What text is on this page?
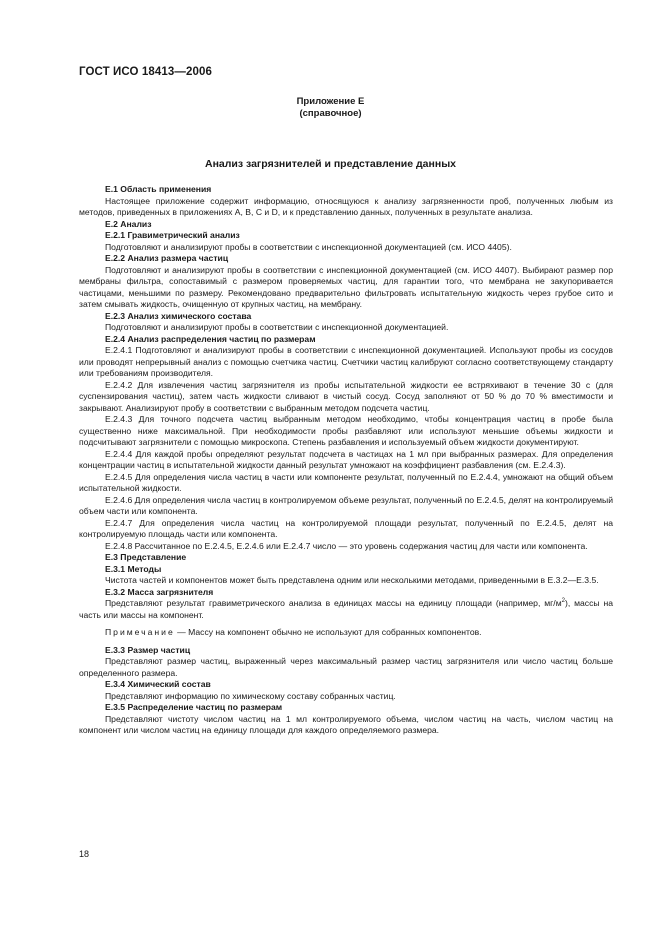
ГОСТ ИСО 18413—2006
Приложение Е
(справочное)
Анализ загрязнителей и представление данных
Е.1 Область применения

Настоящее приложение содержит информацию, относящуюся к анализу загрязненности проб, полученных любым из методов, приведенных в приложениях А, В, С и D, и к представлению данных, полученных в результате анализа.

Е.2 Анализ
Е.2.1 Гравиметрический анализ

Подготовляют и анализируют пробы в соответствии с инспекционной документацией (см. ИСО 4405).

Е.2.2 Анализ размера частиц

Подготовляют и анализируют пробы в соответствии с инспекционной документацией (см. ИСО 4407). Выбирают размер пор мембраны фильтра, сопоставимый с размером проверяемых частиц, для гарантии того, что мембрана не закупоривается частицами, меньшими по размеру. Рекомендовано предварительно фильтровать испытательную жидкость через грубое сито и затем смывать жидкость, очищенную от крупных частиц, на мембрану.

Е.2.3 Анализ химического состава

Подготовляют и анализируют пробы в соответствии с инспекционной документацией.

Е.2.4 Анализ распределения частиц по размерам

Е.2.4.1 Подготовляют и анализируют пробы в соответствии с инспекционной документацией. Используют пробы из сосудов или проводят непрерывный анализ с помощью счетчика частиц. Счетчики частиц калибруют согласно соответствующему стандарту или требованиям производителя.

Е.2.4.2 Для извлечения частиц загрязнителя из пробы испытательной жидкости ее встряхивают в течение 30 с (для суспензирования частиц), затем часть жидкости сливают в чистый сосуд. Сосуд заполняют от 50 % до 70 % вместимости и закрывают. Анализируют пробу в соответствии с выбранным методом подсчета частиц.

Е.2.4.3 Для точного подсчета частиц выбранным методом необходимо, чтобы концентрация частиц в пробе была существенно ниже максимальной. При необходимости пробы разбавляют или используют меньшие объемы жидкости и подсчитывают загрязнители с помощью микроскопа. Степень разбавления и используемый объем жидкости документируют.

Е.2.4.4 Для каждой пробы определяют результат подсчета в частицах на 1 мл при выбранных размерах. Для определения концентрации частиц в испытательной жидкости данный результат умножают на коэффициент разбавления (см. Е.2.4.3).

Е.2.4.5 Для определения числа частиц в части или компоненте результат, полученный по Е.2.4.4, умножают на общий объем испытательной жидкости.

Е.2.4.6 Для определения числа частиц в контролируемом объеме результат, полученный по Е.2.4.5, делят на контролируемый объем части или компонента.

Е.2.4.7 Для определения числа частиц на контролируемой площади результат, полученный по Е.2.4.5, делят на контролируемую площадь части или компонента.

Е.2.4.8 Рассчитанное по Е.2.4.5, Е.2.4.6 или Е.2.4.7 число — это уровень содержания частиц для части или компонента.

Е.3 Представление
Е.3.1 Методы

Чистота частей и компонентов может быть представлена одним или несколькими методами, приведенными в Е.3.2—Е.3.5.

Е.3.2 Масса загрязнителя

Представляют результат гравиметрического анализа в единицах массы на единицу площади (например, $мг/м^2$), массы на часть или массы на компонент.

Примечание — Массу на компонент обычно не используют для собранных компонентов.

Е.3.3 Размер частиц

Представляют размер частиц, выраженный через максимальный размер частиц загрязнителя или число частиц больше определенного размера.

Е.3.4 Химический состав

Представляют информацию по химическому составу собранных частиц.

Е.3.5 Распределение частиц по размерам

Представляют чистоту числом частиц на 1 мл контролируемого объема, числом частиц на часть, числом частиц на компонент или числом частиц на единицу площади для каждого определяемого размера.

18
